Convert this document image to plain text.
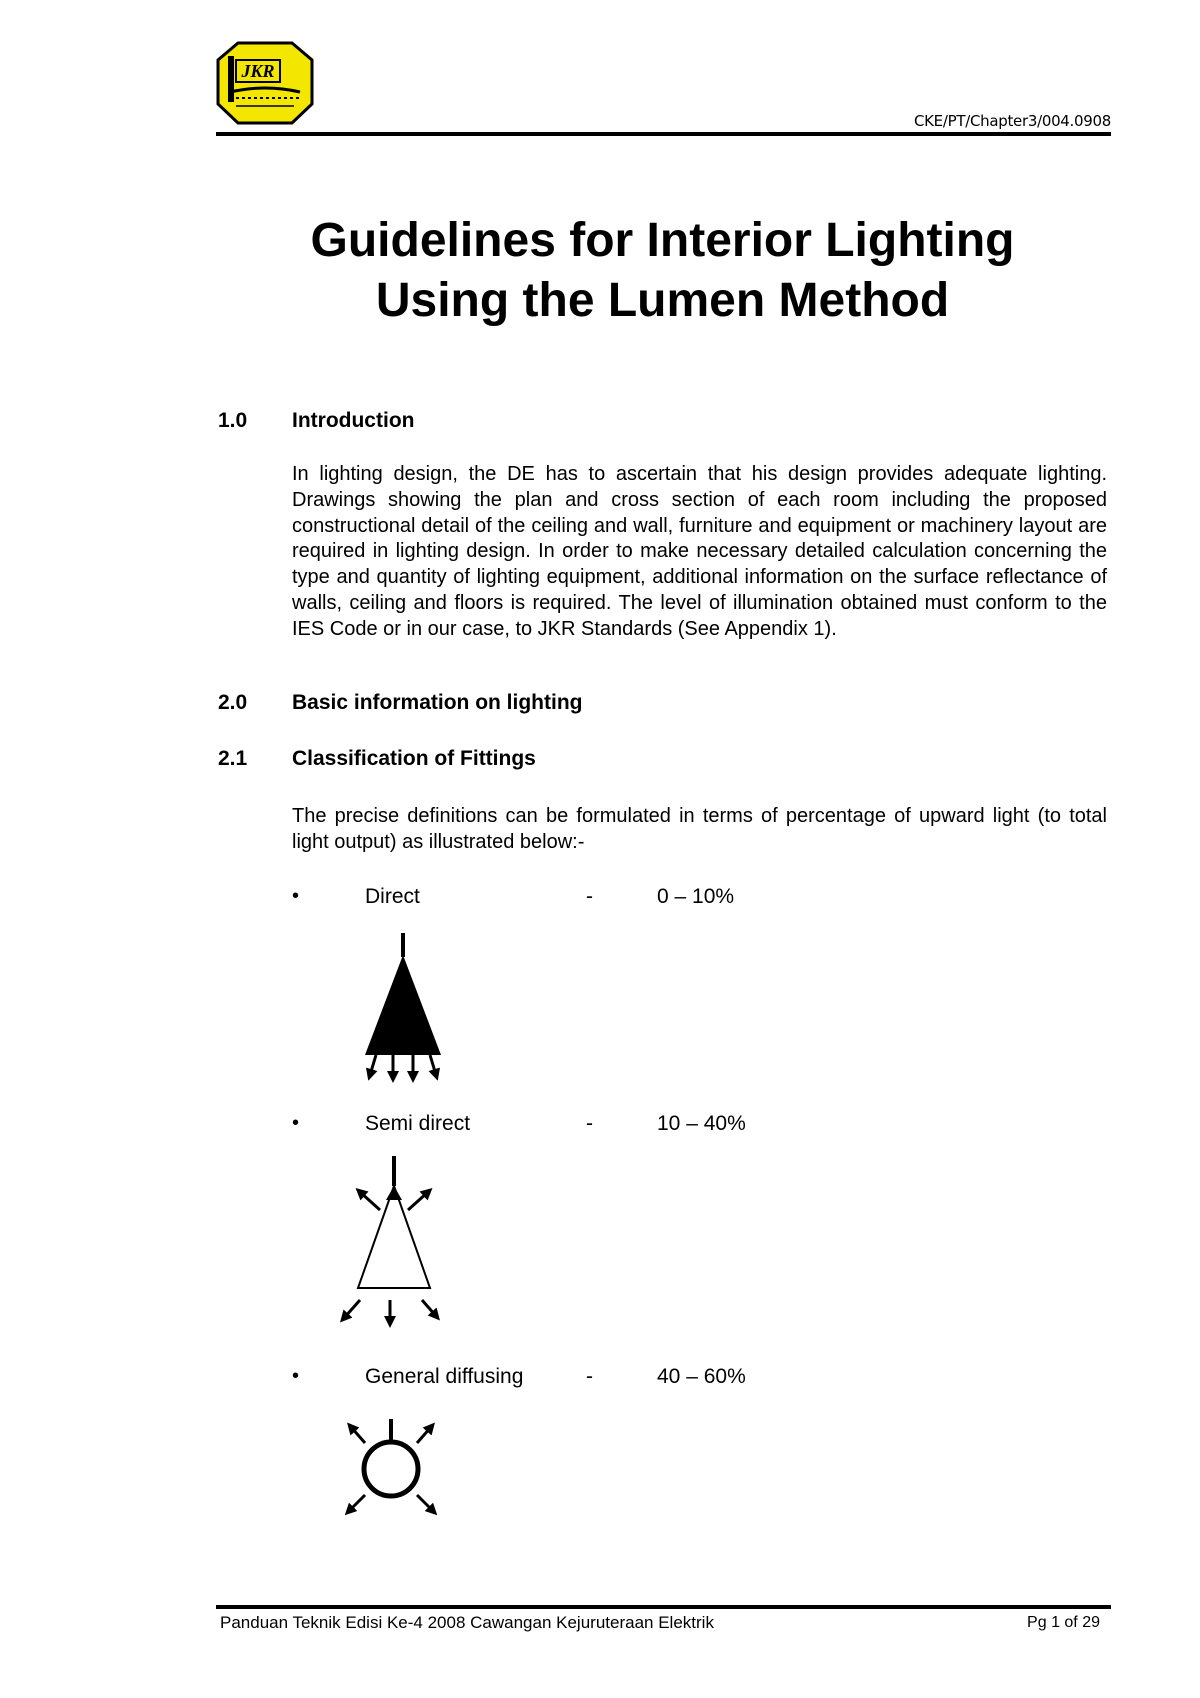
JKR
CKE/PT/Chapter3/004.0908
Guidelines for Interior Lighting
Using the Lumen Method
1.0 Introduction

In lighting design, the DE has to ascertain that his design provides adequate lighting. Drawings showing the plan and cross section of each room including the proposed constructional detail of the ceiling and wall, furniture and equipment or machinery layout are required in lighting design. In order to make necessary detailed calculation concerning the type and quantity of lighting equipment, additional information on the surface reflectance of walls, ceiling and floors is required. The level of illumination obtained must conform to the IES Code or in our case, to JKR Standards (See Appendix 1).

2.0 Basic information on lighting
2.1 Classification of Fittings

The precise definitions can be formulated in terms of percentage of upward light (to total light output) as illustrated below:-

•	Direct	-	0 – 10%
•	Semi direct	-	10 – 40%
•	General diffusing	-	40 – 60%
Panduan Teknik Edisi Ke-4 2008 Cawangan Kejuruteraan Elektrik	Pg 1 of 29
